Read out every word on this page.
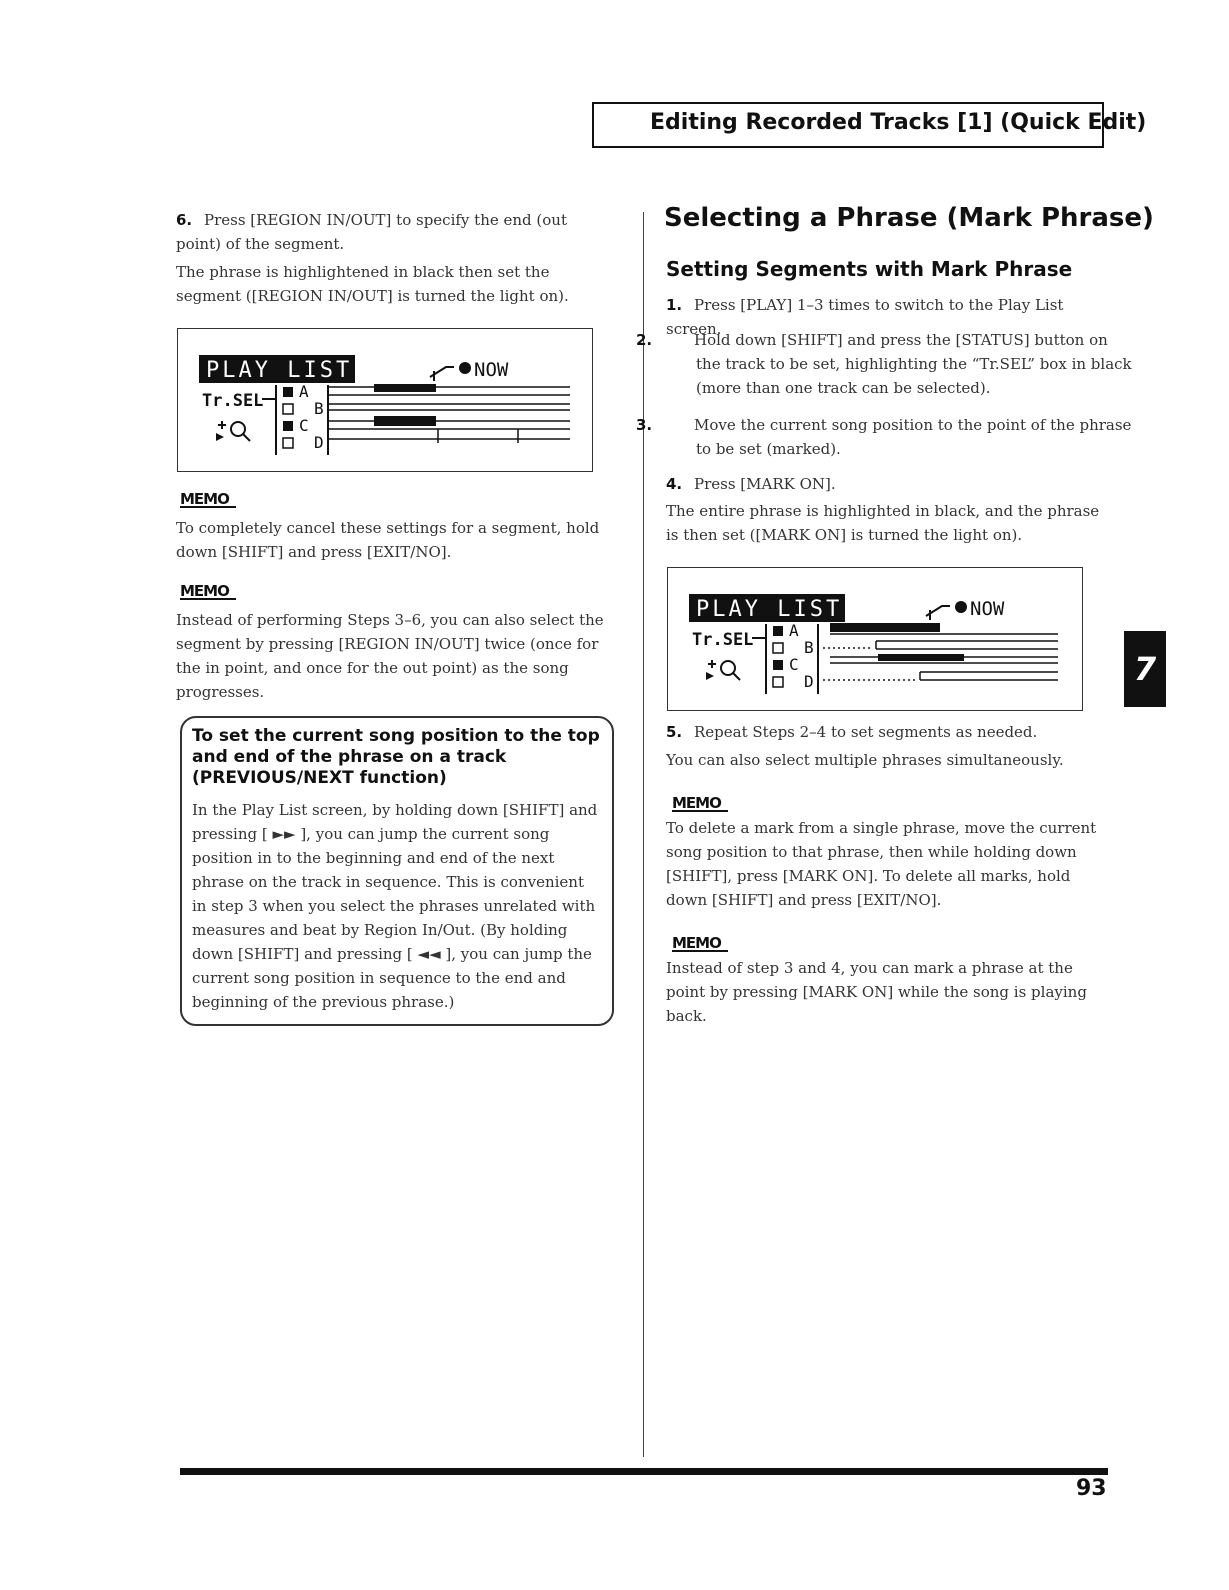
Editing Recorded Tracks [1] (Quick Edit)
6. Press [REGION IN/OUT] to specify the end (out point) of the segment.
The phrase is highlightened in black then set the segment ([REGION IN/OUT] is turned the light on).
PLAY LIST	NOW
Tr.SEL A
B
C
D
MEMO
To completely cancel these settings for a segment, hold down [SHIFT] and press [EXIT/NO].
MEMO
Instead of performing Steps 3–6, you can also select the segment by pressing [REGION IN/OUT] twice (once for the in point, and once for the out point) as the song progresses.
To set the current song position to the top and end of the phrase on a track (PREVIOUS/NEXT function)
In the Play List screen, by holding down [SHIFT] and pressing [ ►► ], you can jump the current song position in to the beginning and end of the next phrase on the track in sequence. This is convenient in step 3 when you select the phrases unrelated with measures and beat by Region In/Out. (By holding down [SHIFT] and pressing [ ◄◄ ], you can jump the current song position in sequence to the end and beginning of the previous phrase.)
Selecting a Phrase (Mark Phrase)
Setting Segments with Mark Phrase
1. Press [PLAY] 1–3 times to switch to the Play List screen.
2.	Hold down [SHIFT] and press the [STATUS] button on the track to be set, highlighting the “Tr.SEL” box in black (more than one track can be selected).
3.	Move the current song position to the point of the phrase to be set (marked).
4. Press [MARK ON].
The entire phrase is highlighted in black, and the phrase is then set ([MARK ON] is turned the light on).
PLAY LIST	NOW
Tr.SEL A
B
C
D
5. Repeat Steps 2–4 to set segments as needed.
You can also select multiple phrases simultaneously.
MEMO
To delete a mark from a single phrase, move the current song position to that phrase, then while holding down [SHIFT], press [MARK ON]. To delete all marks, hold down [SHIFT] and press [EXIT/NO].
MEMO
Instead of step 3 and 4, you can mark a phrase at the point by pressing [MARK ON] while the song is playing back.
7
93
